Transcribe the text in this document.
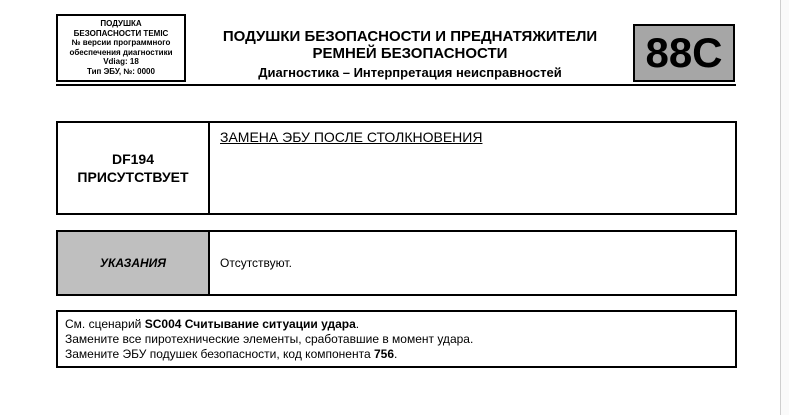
ПОДУШКА
БЕЗОПАСНОСТИ TEMIC
№ версии программного
обеспечения диагностики
Vdiag: 18
Тип ЭБУ, №: 0000
ПОДУШКИ БЕЗОПАСНОСТИ И ПРЕДНАТЯЖИТЕЛИ
РЕМНЕЙ БЕЗОПАСНОСТИ
Диагностика – Интерпретация неисправностей	88C
DF194
ПРИСУТСТВУЕТ
ЗАМЕНА ЭБУ ПОСЛЕ СТОЛКНОВЕНИЯ
УКАЗАНИЯ	Отсутствуют.
См. сценарий SC004 Считывание ситуации удара.
Замените все пиротехнические элементы, сработавшие в момент удара.
Замените ЭБУ подушек безопасности, код компонента 756.
